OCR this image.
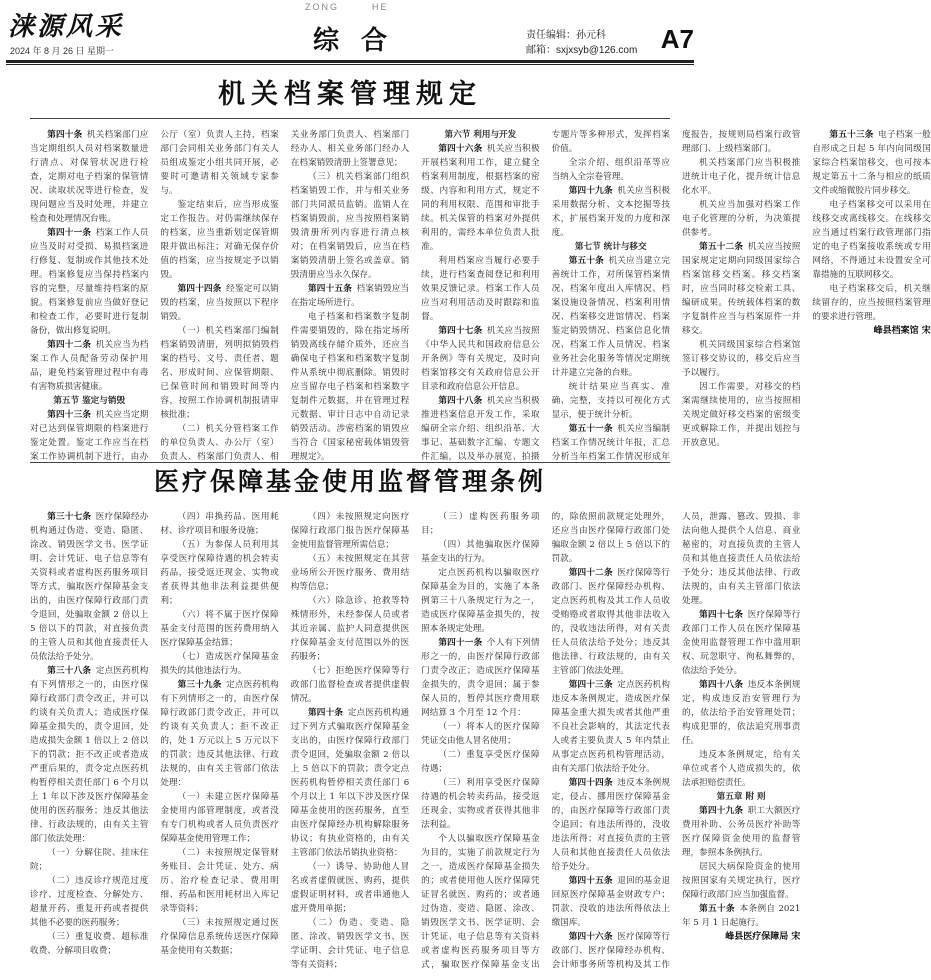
涞源风采
2024 年 8 月 26 日 星期一
ZONG	HE
综合	责任编辑：孙元科
邮箱：sxjxsyb@126.com A7
机关档案管理规定

第四十条  机关档案部门应当定期组织人员对档案数量进行清点、对保管状况进行检查，定期对电子档案的保管情况、读取状况等进行检查，发现问题应当及时处理，并建立检查和处理情况台账。

第四十一条  档案工作人员应当及时对受损、易损档案进行修复、复制或作其他技术处理。档案修复应当保持档案内容的完整，尽量维持档案的原貌。档案修复前应当做好登记和检查工作，必要时进行复制备份，做出修复说明。

第四十二条  机关应当为档案工作人员配备劳动保护用品，避免档案管理过程中有毒有害物质损害健康。

第五节 鉴定与销毁

第四十三条  机关应当定期对已达到保管期限的档案进行鉴定处置。鉴定工作应当在档案工作协调机制下进行，由办公厅（室）负责人主持，档案部门会同相关业务部门有关人员组成鉴定小组共同开展，必要时可邀请相关领域专家参与。

鉴定结束后，应当形成鉴定工作报告。对仍需继续保存的档案，应当重新划定保管期限并做出标注；对确无保存价值的档案，应当按规定予以销毁。

第四十四条  经鉴定可以销毁的档案，应当按照以下程序销毁。

（一）机关档案部门编制档案销毁清册，列明拟销毁档案的档号、文号、责任者、题名、形成时间、应保管期限、已保管时间和销毁时间等内容，按照工作协调机制报请审核批准；

（二）机关分管档案工作的单位负责人、办公厅（室）负责人、档案部门负责人、相关业务部门负责人、档案部门经办人、相关业务部门经办人在档案销毁清册上签署意见；

（三）机关档案部门组织档案销毁工作，并与相关业务部门共同派员监销。监销人在档案销毁前，应当按照档案销毁清册所列内容进行清点核对；在档案销毁后，应当在档案销毁清册上签名或盖章。销毁清册应当永久保存。

第四十五条  档案销毁应当在指定场所进行。

电子档案和档案数字复制件需要销毁的，除在指定场所销毁离线存储介质外，还应当确保电子档案和档案数字复制件从系统中彻底删除。销毁时应当留存电子档案和档案数字复制件元数据，并在管理过程元数据、审计日志中自动记录销毁活动。涉密档案的销毁应当符合《国家秘密载体销毁管理规定》。

第六节 利用与开发

第四十六条  机关应当积极开展档案利用工作，建立健全档案利用制度，根据档案的密级、内容和利用方式，规定不同的利用权限、范围和审批手续。机关保管的档案对外提供利用的，需经本单位负责人批准。

利用档案应当履行必要手续，进行档案查阅登记和利用效果反馈记录。档案工作人员应当对利用活动及时跟踪和监督。

第四十七条  机关应当按照《中华人民共和国政府信息公开条例》等有关规定，及时向档案馆移交有关政府信息公开目录和政府信息公开信息。

第四十八条  机关应当积极推进档案信息开发工作，采取编研全宗介绍、组织沿革、大事记、基础数字汇编、专题文件汇编，以及举办展览、拍摄专题片等多种形式，发挥档案价值。

全宗介绍、组织沿革等应当纳入全宗卷管理。

第四十九条  机关应当积极采用数据分析、文本挖掘等技术，扩展档案开发的力度和深度。

第七节 统计与移交

第五十条  机关应当建立完善统计工作，对所保管档案情况、档案年度出入库情况、档案设施设备情况、档案利用情况、档案移交进馆情况、档案鉴定销毁情况、档案信息化情况、档案工作人员情况、档案业务社会化服务等情况定期统计并建立完备的台账。

统计结果应当真实、准确、完整，支持以可视化方式显示，便于统计分析。

第五十一条  机关应当编制档案工作情况统计年报，汇总分析当年档案工作情况形成年度报告，按规则局档案行政管理部门、上级档案部门。

机关档案部门应当积极推进统计电子化，提升统计信息化水平。

机关应当加强对档案工作电子化管理的分析，为决策提供参考。

第五十二条  机关应当按照国家规定定期向同级国家综合档案馆移交档案。移交档案时，应当同时移交检索工具、编研成果。传统载体档案的数字复制件应当与档案原件一并移交。

机关同级国家综合档案馆签订移交协议的，移交后应当予以履行。

因工作需要，对移交的档案需继续使用的，应当按照相关规定做好移交档案的密级变更或解除工作，并提出划控与开放意见。

第五十三条  电子档案一般自形成之日起 5 年内向同级国家综合档案馆移交，也可按本规定第五十二条与相应的纸质文件或缩微胶片同步移交。

电子档案移交可以采用在线移交或离线移交。在线移交应当通过档案行政管理部门指定的电子档案接收系统或专用网络，不得通过未设置安全可靠措施的互联网移交。

电子档案移交后，机关继续留存的，应当按照档案管理的要求进行管理。

峰县档案馆 宋
医疗保障基金使用监督管理条例

第三十七条  医疗保障经办机构通过伪造、变造、隐匿、涂改、销毁医学文书、医学证明、会计凭证、电子信息等有关资料或者虚构医药服务项目等方式，骗取医疗保障基金支出的，由医疗保障行政部门责令退回，处骗取金额 2 倍以上 5 倍以下的罚款，对直接负责的主管人员和其他直接责任人员依法给予处分。

第三十八条  定点医药机构有下列情形之一的，由医疗保障行政部门责令改正，并可以约谈有关负责人；造成医疗保障基金损失的，责令退回，处造成损失金额 1 倍以上 2 倍以下的罚款；拒不改正或者造成严重后果的，责令定点医药机构暂停相关责任部门 6 个月以上 1 年以下涉及医疗保障基金使用的医药服务；违反其他法律、行政法规的，由有关主管部门依法处理：

（一）分解住院、挂床住院；

（二）违反诊疗规范过度诊疗、过度检查、分解处方、超量开药、重复开药或者提供其他不必要的医药服务；

（三）重复收费、超标准收费、分解项目收费；

（四）串换药品、医用耗材、诊疗项目和服务设施；

（五）为参保人员利用其享受医疗保障待遇的机会转卖药品，接受返还现金、实物或者获得其他非法利益提供便利；

（六）将不属于医疗保障基金支付范围的医药费用纳入医疗保障基金结算；

（七）造成医疗保障基金损失的其他违法行为。

第三十九条  定点医药机构有下列情形之一的，由医疗保障行政部门责令改正，并可以约谈有关负责人；拒不改正的，处 1 万元以上 5 万元以下的罚款；违反其他法律、行政法规的，由有关主管部门依法处理：

（一）未建立医疗保障基金使用内部管理制度，或者没有专门机构或者人员负责医疗保障基金使用管理工作；

（二）未按照规定保管财务账目、会计凭证、处方、病历、治疗检查记录、费用明细、药品和医用耗材出入库记录等资料；

（三）未按照规定通过医疗保障信息系统传送医疗保障基金使用有关数据；

（四）未按照规定向医疗保障行政部门报告医疗保障基金使用监督管理所需信息；

（五）未按照规定在其营业场所公开医疗服务、费用结构等信息；

（六）除急诊、抢救等特殊情形外，未经参保人员或者其近亲属、监护人同意提供医疗保障基金支付范围以外的医药服务；

（七）拒绝医疗保障等行政部门监督检查或者提供虚假情况。

第四十条  定点医药机构通过下列方式骗取医疗保障基金支出的，由医疗保障行政部门责令退回，处骗取金额 2 倍以上 5 倍以下的罚款；责令定点医药机构暂停相关责任部门 6 个月以上 1 年以下涉及医疗保障基金使用的医药服务，直至由医疗保障经办机构解除服务协议；有执业资格的，由有关主管部门依法吊销执业资格：

（一）诱导、协助他人冒名或者虚假就医、购药，提供虚假证明材料，或者串通他人虚开费用单据；

（二）伪造、变造、隐匿、涂改、销毁医学文书、医学证明、会计凭证、电子信息等有关资料；

（三）虚构医药服务项目；

（四）其他骗取医疗保障基金支出的行为。

定点医药机构以骗取医疗保障基金为目的，实施了本条例第三十八条规定行为之一，造成医疗保障基金损失的，按照本条规定处理。

第四十一条  个人有下列情形之一的，由医疗保障行政部门责令改正；造成医疗保障基金损失的，责令退回；属于参保人员的，暂停其医疗费用联网结算 3 个月至 12 个月：

（一）将本人的医疗保障凭证交由他人冒名使用；

（二）重复享受医疗保障待遇；

（三）利用享受医疗保障待遇的机会转卖药品，接受返还现金、实物或者获得其他非法利益。

个人以骗取医疗保障基金为目的，实施了前款规定行为之一，造成医疗保障基金损失的；或者使用他人医疗保障凭证冒名就医、购药的；或者通过伪造、变造、隐匿、涂改、销毁医学文书、医学证明、会计凭证、电子信息等有关资料或者虚构医药服务项目等方式，骗取医疗保障基金支出的，除依照前款规定处理外，还应当由医疗保障行政部门处骗取金额 2 倍以上 5 倍以下的罚款。

第四十二条  医疗保障等行政部门、医疗保障经办机构、定点医药机构及其工作人员收受贿赂或者取得其他非法收入的，没收违法所得，对有关责任人员依法给予处分；违反其他法律、行政法规的，由有关主管部门依法处理。

第四十三条  定点医药机构违反本条例规定，造成医疗保障基金重大损失或者其他严重不良社会影响的，其法定代表人或者主要负责人 5 年内禁止从事定点医药机构管理活动，由有关部门依法给予处分。

第四十四条  违反本条例规定，侵占、挪用医疗保障基金的，由医疗保障等行政部门责令追回；有违法所得的，没收违法所得；对直接负责的主管人员和其他直接责任人员依法给予处分。

第四十五条  退回的基金退回原医疗保障基金财政专户；罚款、没收的违法所得依法上缴国库。

第四十六条  医疗保障等行政部门、医疗保障经办机构、会计师事务所等机构及其工作人员，泄露、篡改、毁损、非法向他人提供个人信息、商业秘密的，对直接负责的主管人员和其他直接责任人员依法给予处分；违反其他法律、行政法规的，由有关主管部门依法处理。

第四十七条  医疗保障等行政部门工作人员在医疗保障基金使用监督管理工作中滥用职权、玩忽职守、徇私舞弊的，依法给予处分。

第四十八条  违反本条例规定，构成违反治安管理行为的，依法给予治安管理处罚；构成犯罪的，依法追究刑事责任。

违反本条例规定，给有关单位或者个人造成损失的，依法承担赔偿责任。

第五章 附 则

第四十九条  职工大额医疗费用补助、公务员医疗补助等医疗保障资金使用的监督管理，参照本条例执行。

居民大病保险资金的使用按照国家有关规定执行，医疗保障行政部门应当加强监督。

第五十条  本条例自 2021 年 5 月 1 日起施行。

峰县医疗保障局 宋
